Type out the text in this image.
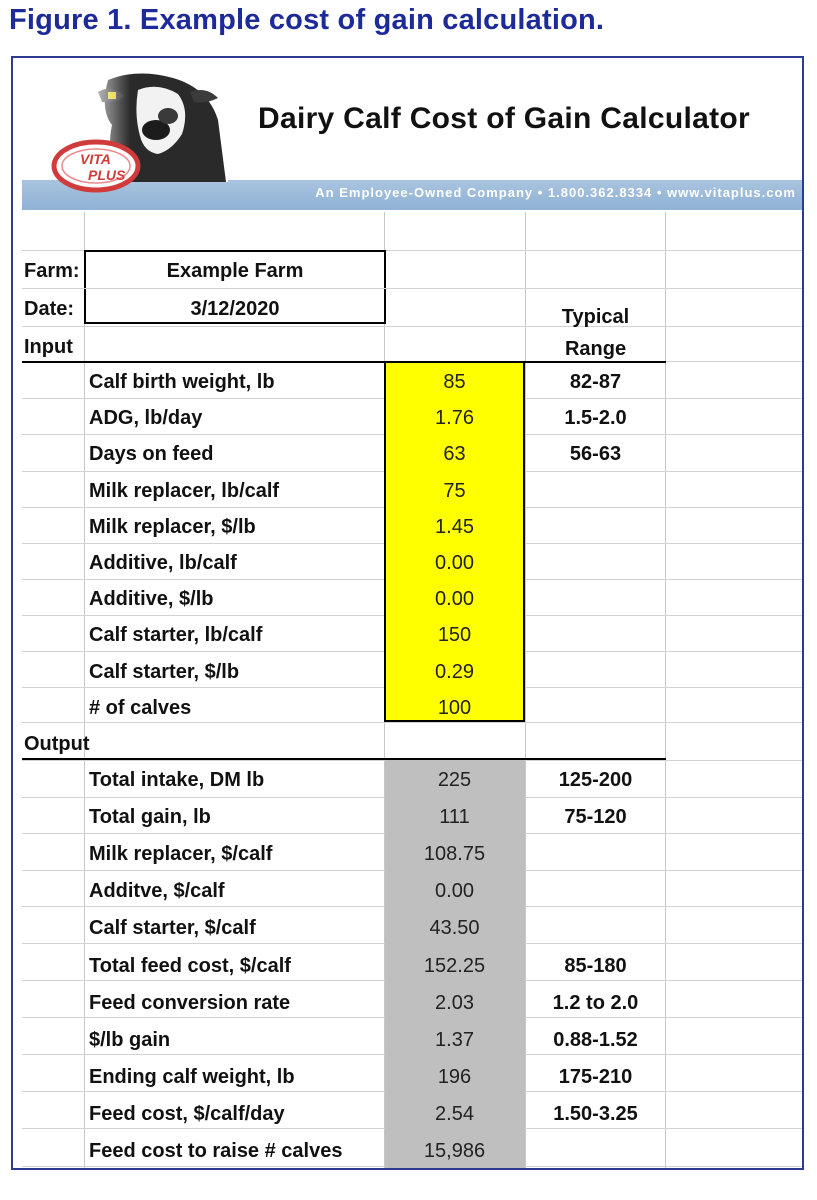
Figure 1. Example cost of gain calculation.
An Employee-Owned Company • 1.800.362.8334 • www.vitaplus.com
VITA
PLUS
Dairy Calf Cost of Gain Calculator
Farm:	Example Farm
Date:	3/12/2020	Typical
Range
Input
Output
Calf birth weight, lb	85	82-87
ADG, lb/day	1.76	1.5-2.0
Days on feed	63	56-63
Milk replacer, lb/calf	75
Milk replacer, $/lb	1.45
Additive, lb/calf	0.00
Additive, $/lb	0.00
Calf starter, lb/calf	150
Calf starter, $/lb	0.29
# of calves	100
Total intake, DM lb	225	125-200
Total gain, lb	111	75-120
Milk replacer, $/calf	108.75
Additve, $/calf	0.00
Calf starter, $/calf	43.50
Total feed cost, $/calf	152.25	85-180
Feed conversion rate	2.03	1.2 to 2.0
$/lb gain	1.37	0.88-1.52
Ending calf weight, lb	196	175-210
Feed cost, $/calf/day	2.54	1.50-3.25
Feed cost to raise # calves	15,986
